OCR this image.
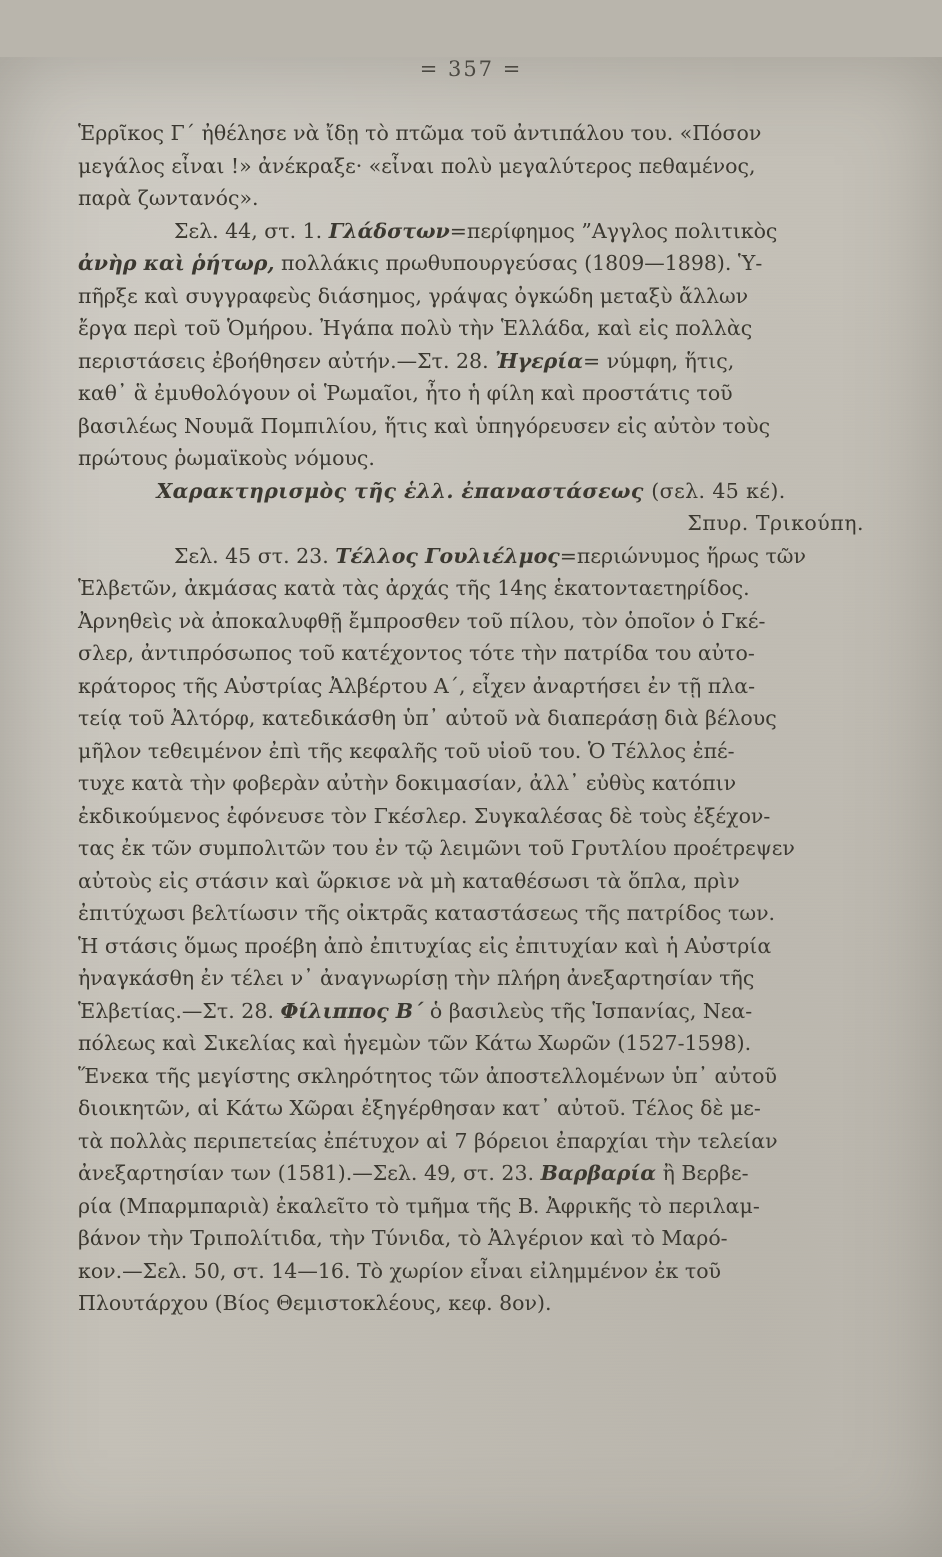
= 357 =

Ἑρρῖκος Γ΄ ἠθέλησε νὰ ἴδῃ τὸ πτῶμα τοῦ ἀντιπάλου του. «Πόσον
μεγάλος εἶναι !» ἀνέκραξε· «εἶναι πολὺ μεγαλύτερος πεθαμένος,
παρὰ ζωντανός».

Σελ. 44, στ. 1. Γλάδστων=περίφημος ”Αγγλος πολιτικὸς
ἀνὴρ καὶ ῥήτωρ, πολλάκις πρωθυπουργεύσας (1809—1898). Ὑ-
πῆρξε καὶ συγγραφεὺς διάσημος, γράψας ὀγκώδη μεταξὺ ἄλλων
ἔργα περὶ τοῦ Ὁμήρου. Ἠγάπα πολὺ τὴν Ἑλλάδα, καὶ εἰς πολλὰς
περιστάσεις ἐβοήθησεν αὐτήν.—Στ. 28. Ἠγερία= νύμφη, ἥτις,
καθ᾽ ἃ ἐμυθολόγουν οἱ Ῥωμαῖοι, ἦτο ἡ φίλη καὶ προστάτις τοῦ
βασιλέως Νουμᾶ Πομπιλίου, ἥτις καὶ ὑπηγόρευσεν εἰς αὐτὸν τοὺς
πρώτους ῥωμαϊκοὺς νόμους.

Χαρακτηρισμὸς τῆς ἑλλ. ἐπαναστάσεως (σελ. 45 κέ).

Σπυρ. Τρικούπη.

Σελ. 45 στ. 23. Τέλλος Γουλιέλμος=περιώνυμος ἥρως τῶν
Ἑλβετῶν, ἀκμάσας κατὰ τὰς ἀρχάς τῆς 14ης ἑκατονταετηρίδος.
Ἀρνηθεὶς νὰ ἀποκαλυφθῇ ἔμπροσθεν τοῦ πίλου, τὸν ὁποῖον ὁ Γκέ-
σλερ, ἀντιπρόσωπος τοῦ κατέχοντος τότε τὴν πατρίδα του αὐτο-
κράτορος τῆς Αὐστρίας Ἀλβέρτου Α΄, εἶχεν ἀναρτήσει ἐν τῇ πλα-
τείᾳ τοῦ Ἀλτόρφ, κατεδικάσθη ὑπ᾽ αὐτοῦ νὰ διαπεράσῃ διὰ βέλους
μῆλον τεθειμένον ἐπὶ τῆς κεφαλῆς τοῦ υἱοῦ του. Ὁ Τέλλος ἐπέ-
τυχε κατὰ τὴν φοβερὰν αὐτὴν δοκιμασίαν, ἀλλ᾽ εὐθὺς κατόπιν
ἐκδικούμενος ἐφόνευσε τὸν Γκέσλερ. Συγκαλέσας δὲ τοὺς ἐξέχον-
τας ἐκ τῶν συμπολιτῶν του ἐν τῷ λειμῶνι τοῦ Γρυτλίου προέτρεψεν
αὐτοὺς εἰς στάσιν καὶ ὥρκισε νὰ μὴ καταθέσωσι τὰ ὅπλα, πρὶν
ἐπιτύχωσι βελτίωσιν τῆς οἰκτρᾶς καταστάσεως τῆς πατρίδος των.
Ἡ στάσις ὅμως προέβη ἀπὸ ἐπιτυχίας εἰς ἐπιτυχίαν καὶ ἡ Αὐστρία
ἠναγκάσθη ἐν τέλει ν᾽ ἀναγνωρίσῃ τὴν πλήρη ἀνεξαρτησίαν τῆς
Ἑλβετίας.—Στ. 28. Φίλιππος Β΄ ὁ βασιλεὺς τῆς Ἱσπανίας, Νεα-
πόλεως καὶ Σικελίας καὶ ἡγεμὼν τῶν Κάτω Χωρῶν (1527-1598).
Ἕνεκα τῆς μεγίστης σκληρότητος τῶν ἀποστελλομένων ὑπ᾽ αὐτοῦ
διοικητῶν, αἱ Κάτω Χῶραι ἐξηγέρθησαν κατ᾽ αὐτοῦ. Τέλος δὲ με-
τὰ πολλὰς περιπετείας ἐπέτυχον αἱ 7 βόρειοι ἐπαρχίαι τὴν τελείαν
ἀνεξαρτησίαν των (1581).—Σελ. 49, στ. 23. Βαρβαρία ἢ Βερβε-
ρία (Μπαρμπαριὰ) ἐκαλεῖτο τὸ τμῆμα τῆς Β. Ἀφρικῆς τὸ περιλαμ-
βάνον τὴν Τριπολίτιδα, τὴν Τύνιδα, τὸ Ἀλγέριον καὶ τὸ Μαρό-
κον.—Σελ. 50, στ. 14—16. Τὸ χωρίον εἶναι εἰλημμένον ἐκ τοῦ
Πλουτάρχου (Βίος Θεμιστοκλέους, κεφ. 8ον).
